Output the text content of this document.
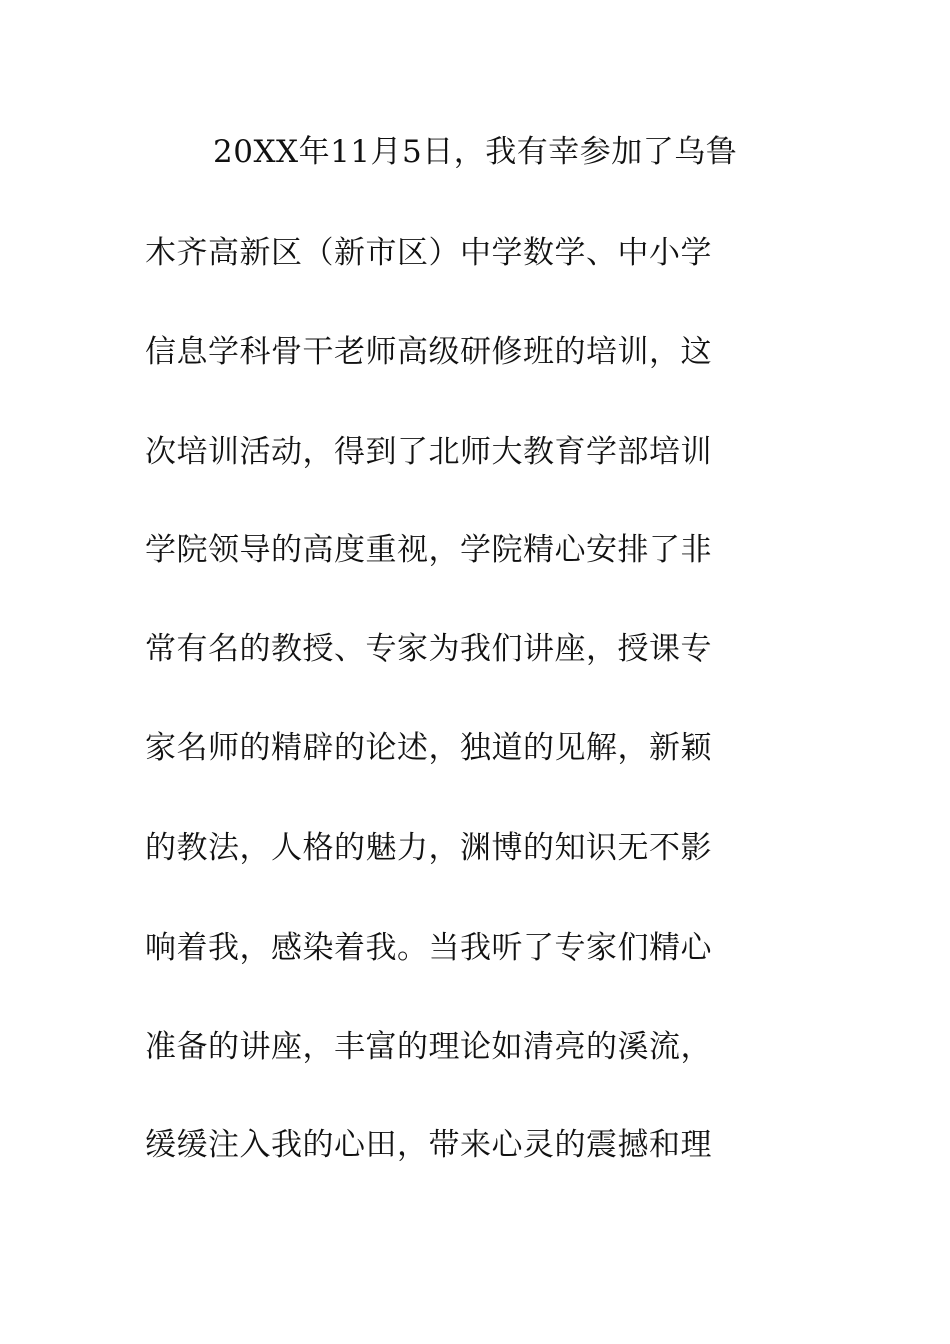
20XX年11月5日，我有幸参加了乌鲁
木齐高新区（新市区）中学数学、中小学
信息学科骨干老师高级研修班的培训，这
次培训活动，得到了北师大教育学部培训
学院领导的高度重视，学院精心安排了非
常有名的教授、专家为我们讲座，授课专
家名师的精辟的论述，独道的见解，新颖
的教法，人格的魅力，渊博的知识无不影
响着我，感染着我。当我听了专家们精心
准备的讲座，丰富的理论如清亮的溪流，
缓缓注入我的心田，带来心灵的震撼和理
